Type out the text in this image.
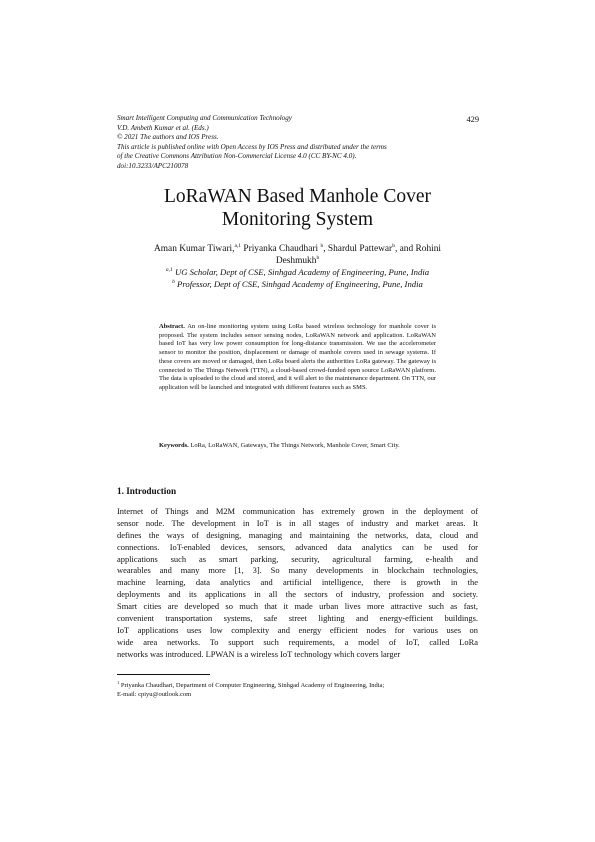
Smart Intelligent Computing and Communication Technology
V.D. Ambeth Kumar et al. (Eds.)
© 2021 The authors and IOS Press.
This article is published online with Open Access by IOS Press and distributed under the terms
of the Creative Commons Attribution Non-Commercial License 4.0 (CC BY-NC 4.0).
doi:10.3233/APC210078
429
LoRaWAN Based Manhole Cover
Monitoring System
Aman Kumar Tiwari,$^{a,1}$ Priyanka Chaudhari $^b$, Shardul Pattewar$^b$, and Rohini
Deshmukh$^b$
$^{a,1}$ UG Scholar, Dept of CSE, Sinhgad Academy of Engineering, Pune, India
$^b$ Professor, Dept of CSE, Sinhgad Academy of Engineering, Pune, India
Abstract. An on-line monitoring system using LoRa based wireless technology for manhole cover is proposed. The system includes sensor sensing nodes, LoRaWAN network and application. LoRaWAN based IoT has very low power consumption for long-distance transmission. We use the accelerometer sensor to monitor the position, displacement or damage of manhole covers used in sewage systems. If these covers are moved or damaged, then LoRa board alerts the authorities LoRa gateway. The gateway is connected to The Things Network (TTN), a cloud-based crowd-funded open source LoRaWAN platform. The data is uploaded to the cloud and stored, and it will alert to the maintenance department. On TTN, our application will be launched and integrated with different features such as SMS.
Keywords. LoRa, LoRaWAN, Gateways, The Things Network, Manhole Cover, Smart City.
1. Introduction
Internet of Things and M2M communication has extremely grown in the deployment of
sensor node. The development in IoT is in all stages of industry and market areas. It
defines the ways of designing, managing and maintaining the networks, data, cloud and
connections. IoT-enabled devices, sensors, advanced data analytics can be used for
applications such as smart parking, security, agricultural farming, e-health and
wearables and many more [1, 3]. So many developments in blockchain technologies,
machine learning, data analytics and artificial intelligence, there is growth in the
deployments and its applications in all the sectors of industry, profession and society.
Smart cities are developed so much that it made urban lives more attractive such as fast,
convenient transportation systems, safe street lighting and energy-efficient buildings.
IoT applications uses low complexity and energy efficient nodes for various uses on
wide area networks. To support such requirements, a model of IoT, called LoRa
networks was introduced. LPWAN is a wireless IoT technology which covers larger
$^1$ Priyanka Chaudhari, Department of Computer Engineering, Sinhgad Academy of Engineering, India;
E-mail: cpiyu@outlook.com
